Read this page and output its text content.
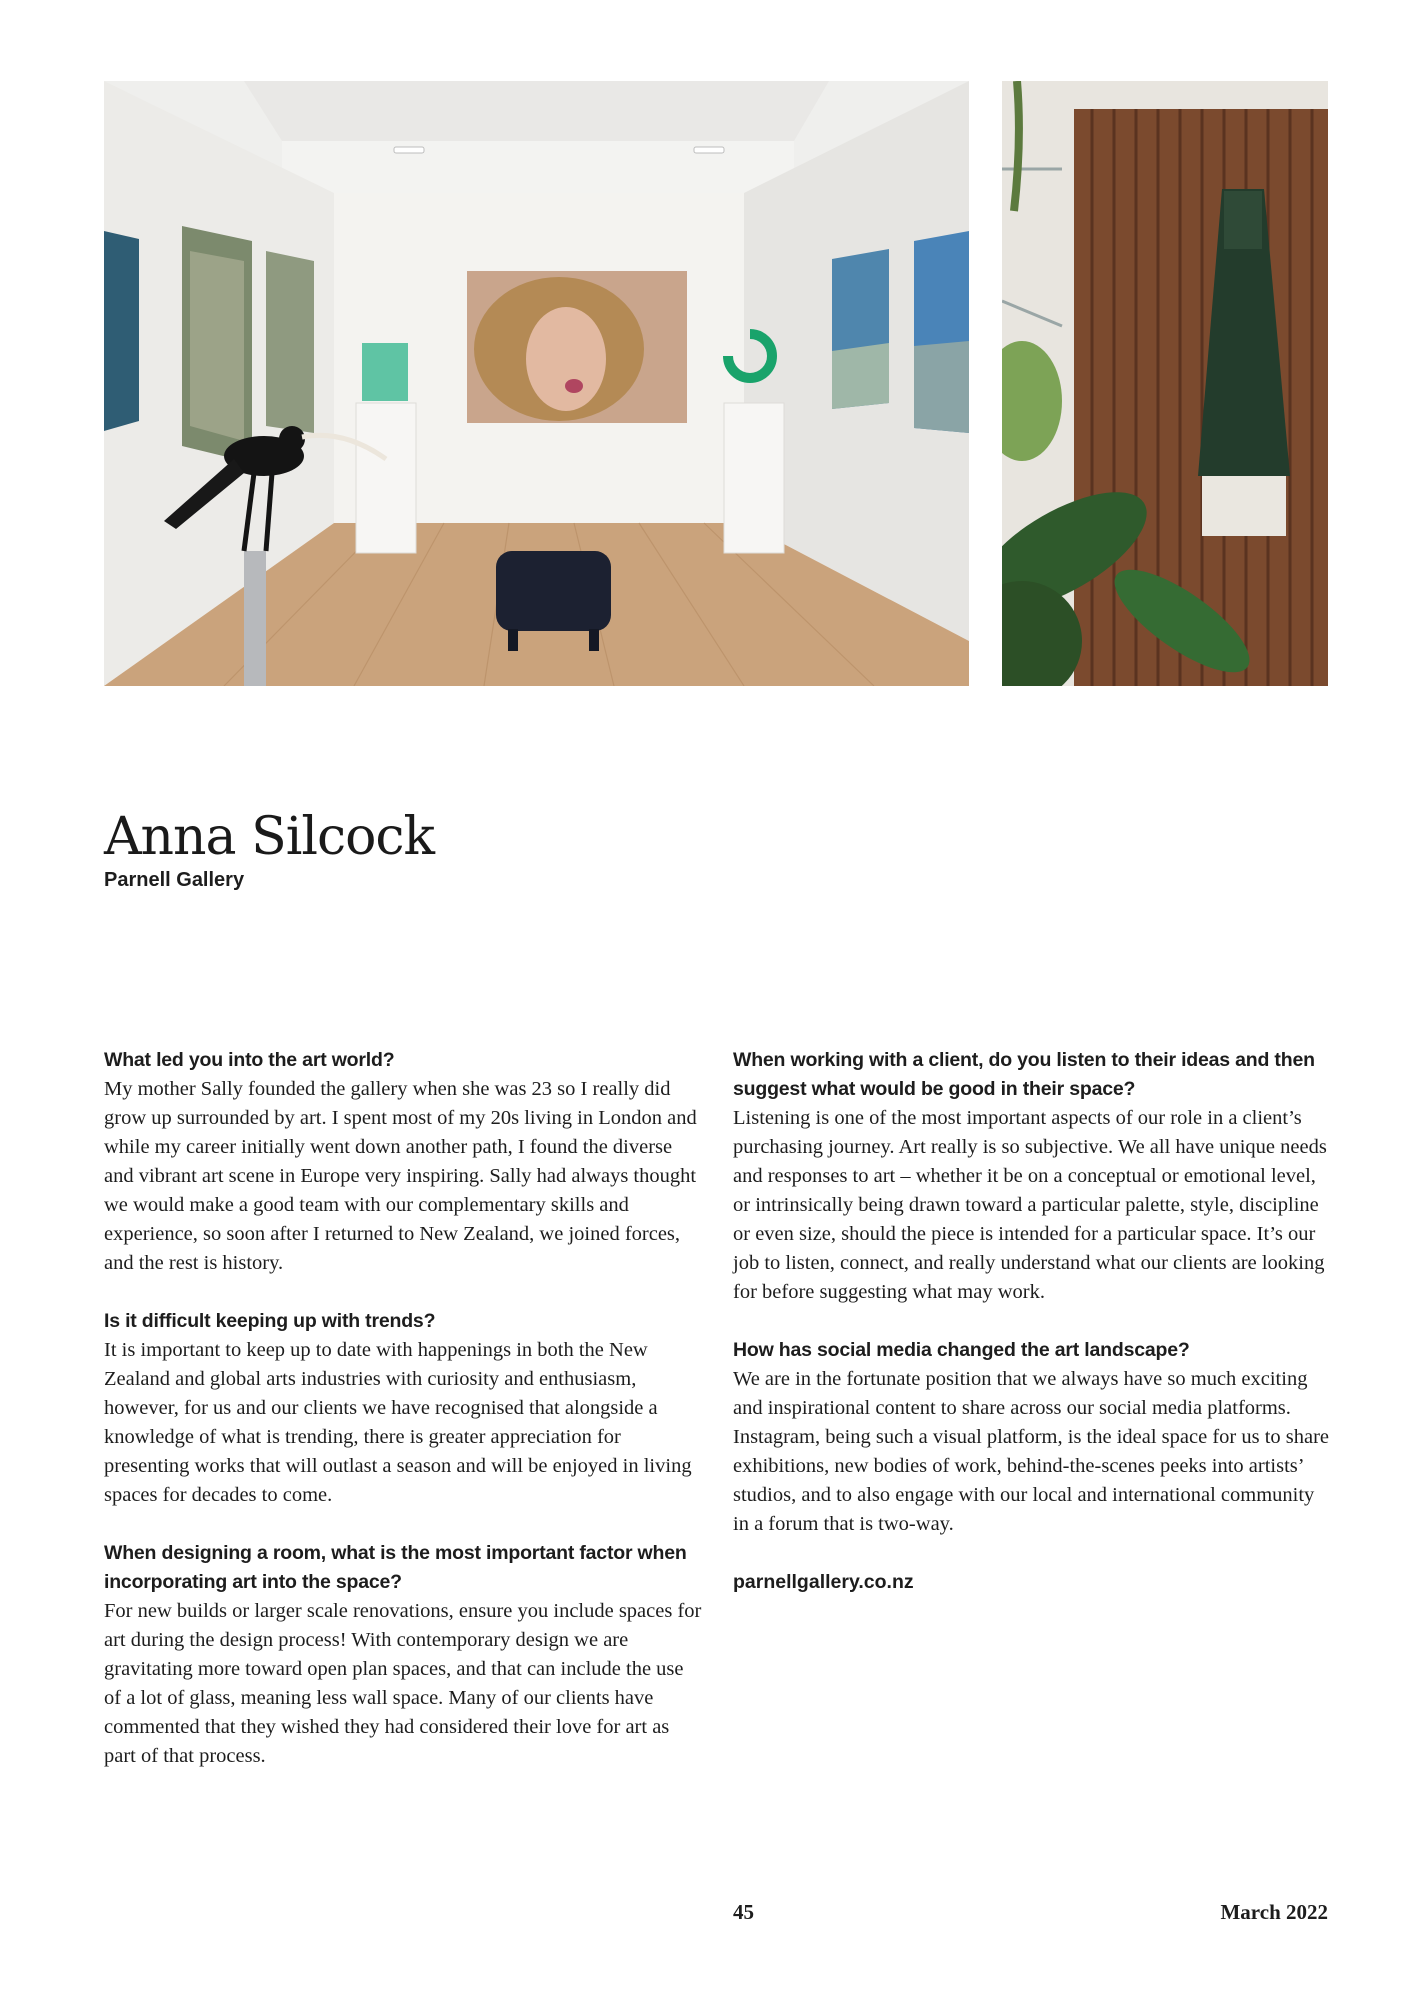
Anna Silcock
Parnell Gallery

What led you into the art world?

My mother Sally founded the gallery when she was 23 so I really did grow up surrounded by art. I spent most of my 20s living in London and while my career initially went down another path, I found the diverse and vibrant art scene in Europe very inspiring. Sally had always thought we would make a good team with our complementary skills and experience, so soon after I returned to New Zealand, we joined forces, and the rest is history.

Is it difficult keeping up with trends?

It is important to keep up to date with happenings in both the New Zealand and global arts industries with curiosity and enthusiasm, however, for us and our clients we have recognised that alongside a knowledge of what is trending, there is greater appreciation for presenting works that will outlast a season and will be enjoyed in living spaces for decades to come.

When designing a room, what is the most important factor when incorporating art into the space?

For new builds or larger scale renovations, ensure you include spaces for art during the design process! With contemporary design we are gravitating more toward open plan spaces, and that can include the use of a lot of glass, meaning less wall space. Many of our clients have commented that they wished they had considered their love for art as part of that process.

When working with a client, do you listen to their ideas and then suggest what would be good in their space?

Listening is one of the most important aspects of our role in a client’s purchasing journey. Art really is so subjective. We all have unique needs and responses to art – whether it be on a conceptual or emotional level, or intrinsically being drawn toward a particular palette, style, discipline or even size, should the piece is intended for a particular space. It’s our job to listen, connect, and really understand what our clients are looking for before suggesting what may work.

How has social media changed the art landscape?

We are in the fortunate position that we always have so much exciting and inspirational content to share across our social media platforms. Instagram, being such a visual platform, is the ideal space for us to share exhibitions, new bodies of work, behind-the-scenes peeks into artists’ studios, and to also engage with our local and international community in a forum that is two-way.

parnellgallery.co.nz

45	March 2022
